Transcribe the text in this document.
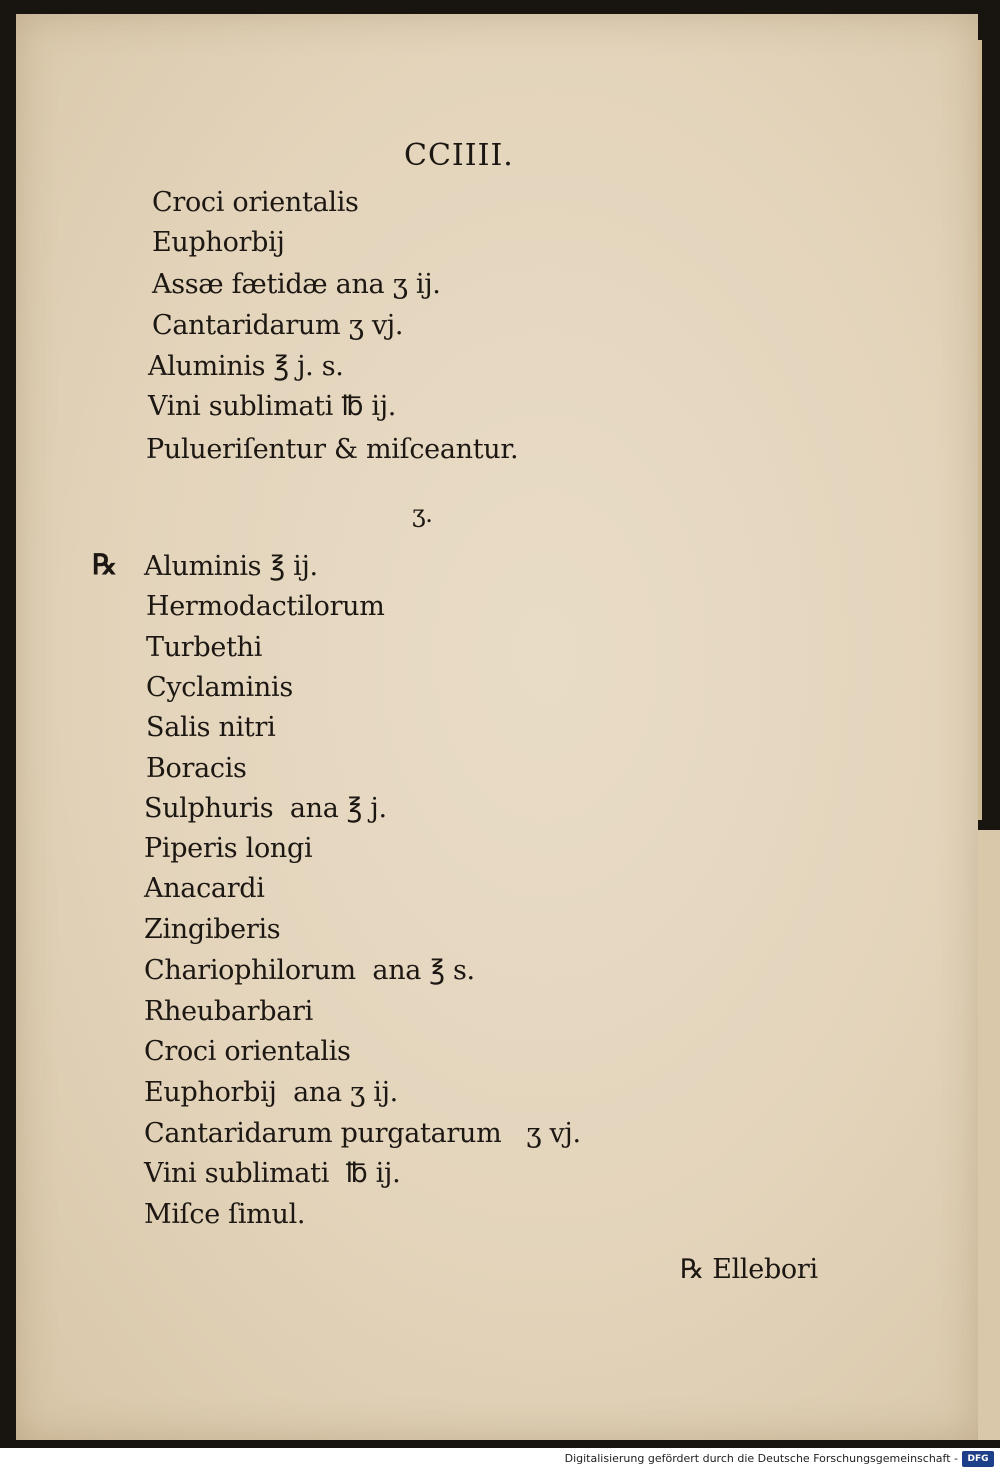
CCIIII.

Croci orientalis

Euphorbij

Assæ fætidæ ana ʒ ij.

Cantaridarum ʒ vj.

Aluminis ℥ j. s.

Vini sublimati ℔ ij.

Pulueriſentur & miſceantur.

ʒ.

℞ Aluminis ℥ ij.

Hermodactilorum

Turbethi

Cyclaminis

Salis nitri

Boracis

Sulphuris  ana ℥ j.

Piperis longi

Anacardi

Zingiberis

Chariophilorum  ana ℥ s.

Rheubarbari

Croci orientalis

Euphorbij  ana ʒ ij.

Cantaridarum purgatarum   ʒ vj.

Vini sublimati  ℔ ij.

Miſce ſimul.

℞ Ellebori

Digitalisierung gefördert durch die Deutsche Forschungsgemeinschaft -	DFG
